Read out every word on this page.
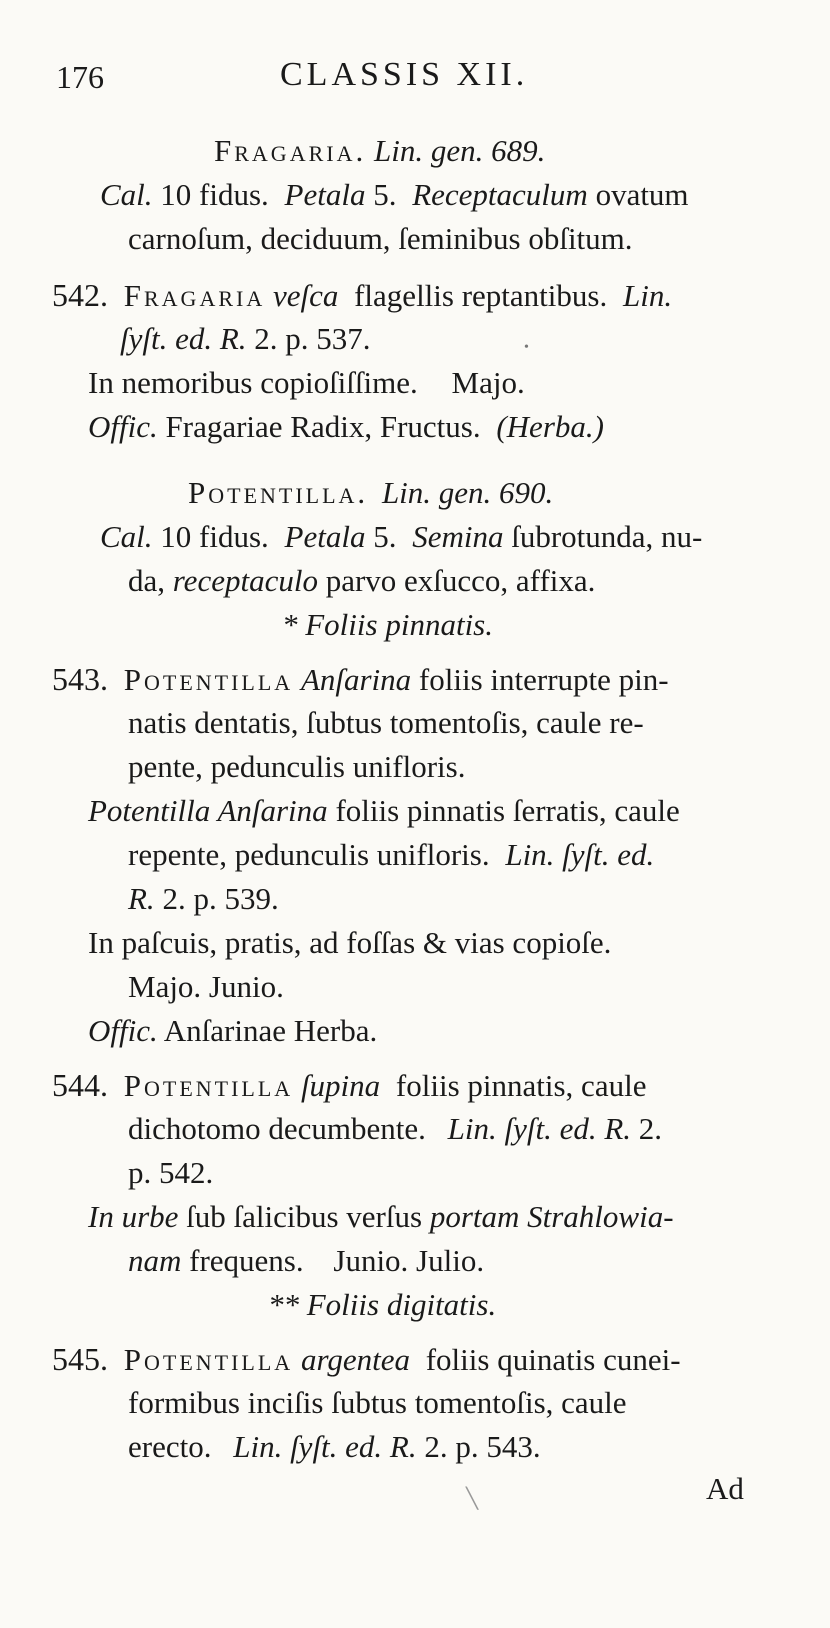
176	CLASSIS XII.
Fragaria. Lin. gen. 689.
Cal. 10 fidus. Petala 5. Receptaculum ovatum
carnoſum, deciduum, ſeminibus obſitum.
542. Fragaria veſca flagellis reptantibus. Lin.
ſyſt. ed. R. 2. p. 537.
In nemoribus copioſiſſime. Majo.
Offic. Fragariae Radix, Fructus. (Herba.)
Potentilla. Lin. gen. 690.
Cal. 10 fidus. Petala 5. Semina ſubrotunda, nu-
da, receptaculo parvo exſucco, affixa.
* Foliis pinnatis.
543. Potentilla Anſarina foliis interrupte pin-
natis dentatis, ſubtus tomentoſis, caule re-
pente, pedunculis unifloris.
Potentilla Anſarina foliis pinnatis ſerratis, caule
repente, pedunculis unifloris. Lin. ſyſt. ed.
R. 2. p. 539.
In paſcuis, pratis, ad foſſas & vias copioſe.
Majo. Junio.
Offic. Anſarinae Herba.
544. Potentilla ſupina foliis pinnatis, caule
dichotomo decumbente. Lin. ſyſt. ed. R. 2.
p. 542.
In urbe ſub ſalicibus verſus portam Strahlowia-
nam frequens. Junio. Julio.
** Foliis digitatis.
545. Potentilla argentea foliis quinatis cunei-
formibus inciſis ſubtus tomentoſis, caule
erecto. Lin. ſyſt. ed. R. 2. p. 543.
Ad
•
╲
